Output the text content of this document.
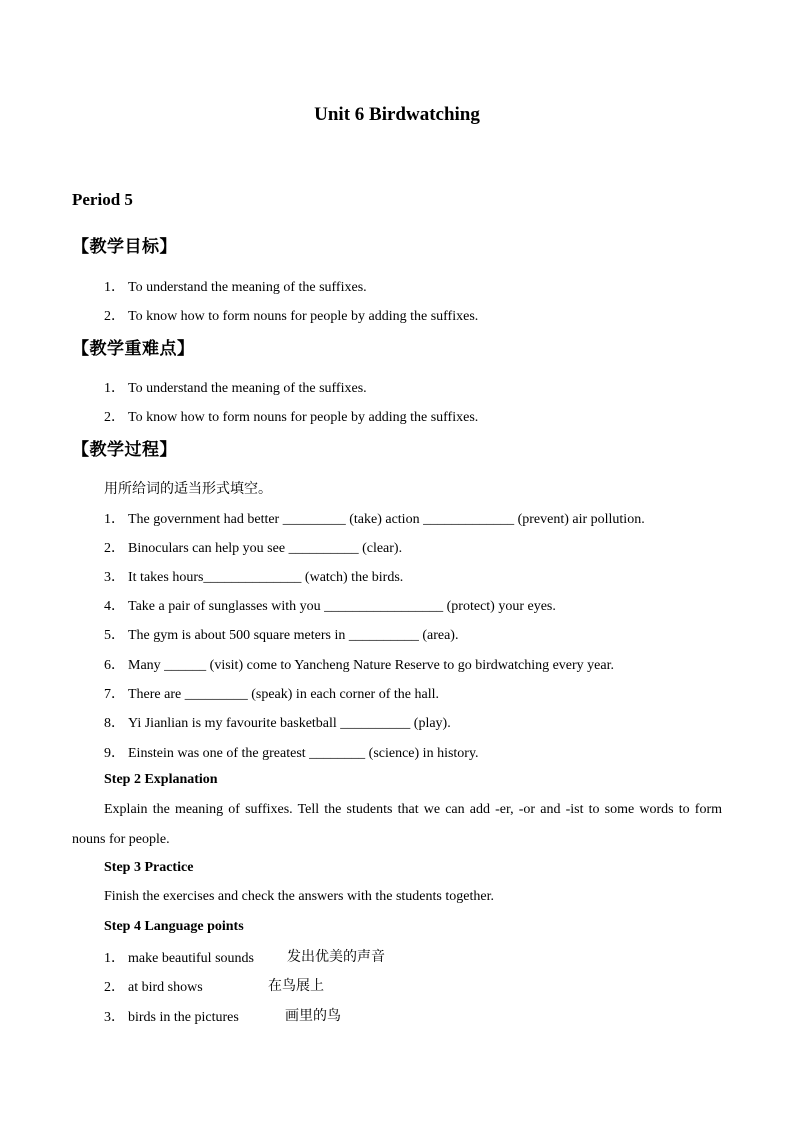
Unit 6 Birdwatching
Period 5
【教学目标】
1． To understand the meaning of the suffixes.
2． To know how to form nouns for people by adding the suffixes.
【教学重难点】
1． To understand the meaning of the suffixes.
2． To know how to form nouns for people by adding the suffixes.
【教学过程】
用所给词的适当形式填空。
1． The government had better _________ (take) action _____________ (prevent) air pollution.
2． Binoculars can help you see __________ (clear).
3． It takes hours______________ (watch) the birds.
4． Take a pair of sunglasses with you _________________ (protect) your eyes.
5． The gym is about 500 square meters in __________ (area).
6． Many ______ (visit) come to Yancheng Nature Reserve to go birdwatching every year.
7． There are _________ (speak) in each corner of the hall.
8． Yi Jianlian is my favourite basketball __________ (play).
9． Einstein was one of the greatest ________ (science) in history.
Step 2 Explanation
Explain the meaning of suffixes. Tell the students that we can add -er, -or and -ist to some words to form nouns for people.
Step 3 Practice
Finish the exercises and check the answers with the students together.
Step 4 Language points
1． make beautiful sounds 发出优美的声音
2． at bird shows	在鸟展上
3． birds in the pictures	画里的鸟
